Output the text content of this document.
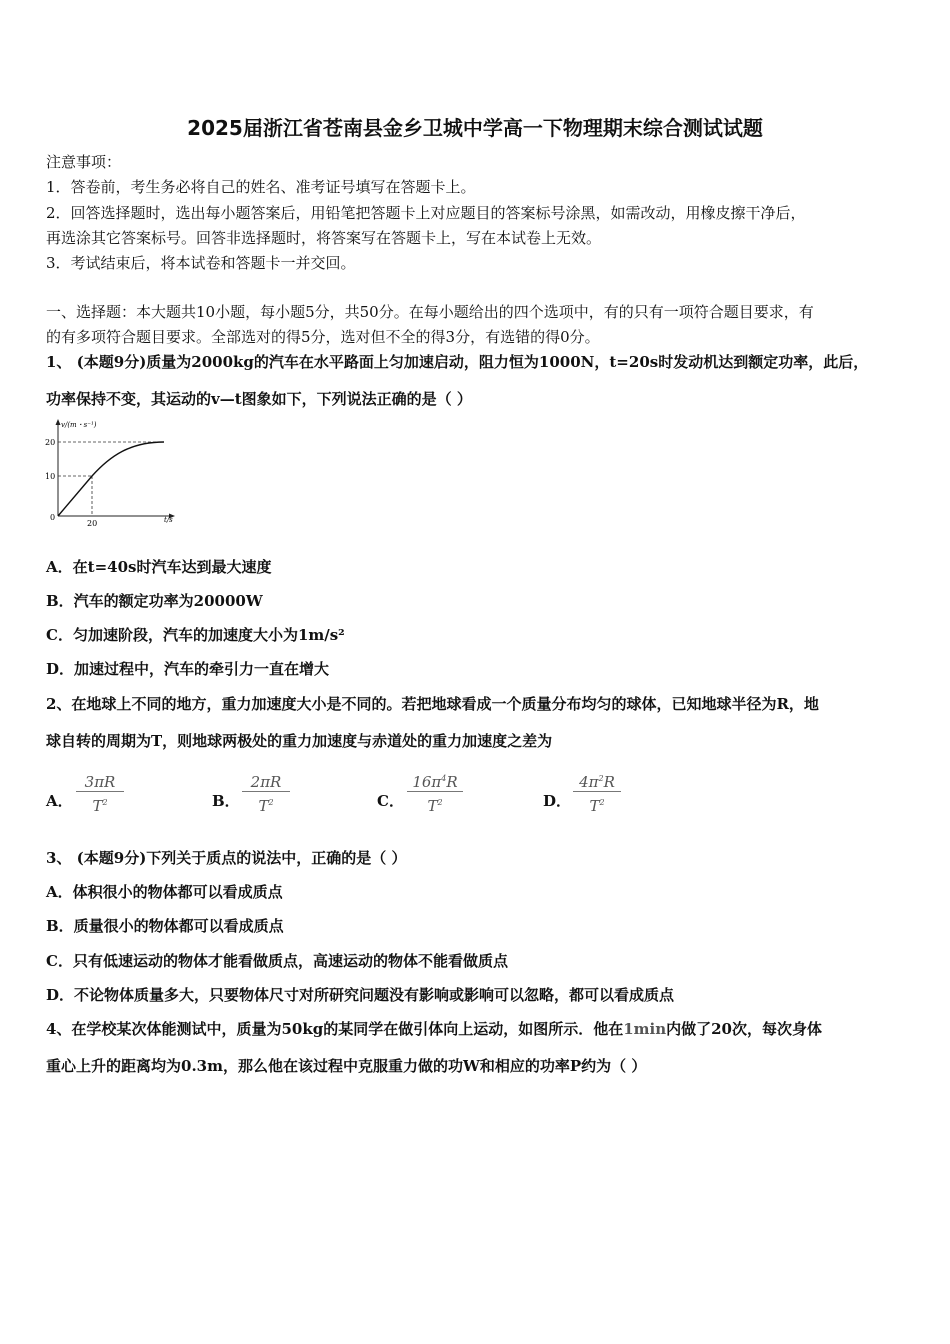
2025届浙江省苍南县金乡卫城中学高一下物理期末综合测试试题
注意事项：
1．答卷前，考生务必将自己的姓名、准考证号填写在答题卡上。
2．回答选择题时，选出每小题答案后，用铅笔把答题卡上对应题目的答案标号涂黑，如需改动，用橡皮擦干净后，
再选涂其它答案标号。回答非选择题时，将答案写在答题卡上，写在本试卷上无效。
3．考试结束后，将本试卷和答题卡一并交回。
一、选择题：本大题共10小题，每小题5分，共50分。在每小题给出的四个选项中，有的只有一项符合题目要求，有
的有多项符合题目要求。全部选对的得5分，选对但不全的得3分，有选错的得0分。
1、 (本题9分)质量为2000kg的汽车在水平路面上匀加速启动，阻力恒为1000N，t=20s时发动机达到额定功率，此后，
功率保持不变，其运动的v—t图象如下，下列说法正确的是（ ）
v/(m・s⁻¹)
t/s
0
20
10
20
A．在t=40s时汽车达到最大速度
B．汽车的额定功率为20000W
C．匀加速阶段，汽车的加速度大小为1m/s²
D．加速过程中，汽车的牵引力一直在增大
2、在地球上不同的地方，重力加速度大小是不同的。若把地球看成一个质量分布均匀的球体，已知地球半径为R，地
球自转的周期为T，则地球两极处的重力加速度与赤道处的重力加速度之差为
A．
3πR
$T^2$	B．
2πR
$T^2$	C．
$16\pi^4R$
$T^2$	D．
$4\pi^2R$
$T^2$
3、 (本题9分)下列关于质点的说法中，正确的是（ ）
A．体积很小的物体都可以看成质点
B．质量很小的物体都可以看成质点
C．只有低速运动的物体才能看做质点，高速运动的物体不能看做质点
D．不论物体质量多大，只要物体尺寸对所研究问题没有影响或影响可以忽略，都可以看成质点
4、在学校某次体能测试中，质量为50kg的某同学在做引体向上运动，如图所示．他在1min内做了20次，每次身体
重心上升的距离均为0.3m，那么他在该过程中克服重力做的功W和相应的功率P约为（ ）
